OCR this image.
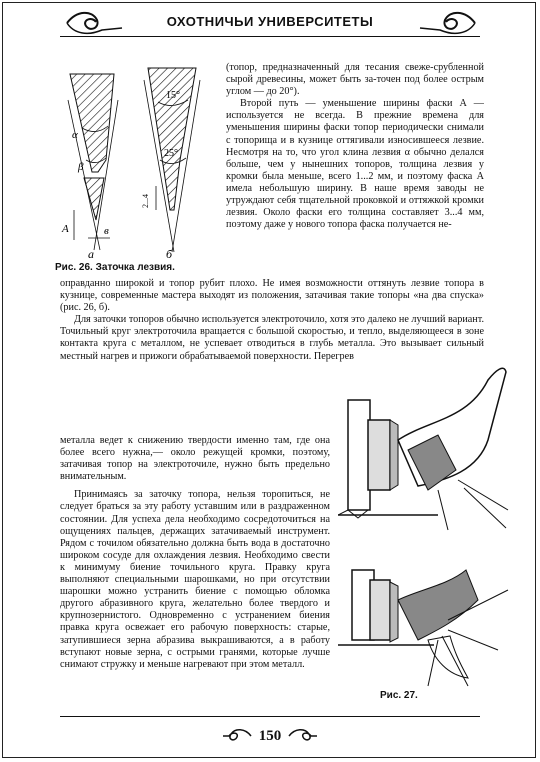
ОХОТНИЧЬИ УНИВЕРСИТЕТЫ
α
β
А	в
а
15°
25°
2...4
б
Рис. 26. Заточка лезвия.

(топор, предназначенный для тесания свеже-срубленной сырой древесины, может быть за-точен под более острым углом — до 20°).

Второй путь — уменьшение ширины фаски А — используется не всегда. В прежние времена для уменьшения ширины фаски топор периодически снимали с топорища и в кузнице оттягивали износившееся лезвие. Несмотря на то, что угол клина лезвия α обычно делался больше, чем у нынешних топоров, толщина лезвия у кромки была меньше, всего 1...2 мм, и поэтому фаска А имела небольшую ширину. В наше время заводы не утруждают себя тщательной проковкой и оттяжкой кромки лезвия. Около фаски его толщина составляет 3...4 мм, поэтому даже у нового топора фаска получается не-

оправданно широкой и топор рубит плохо. Не имея возможности оттянуть лезвие топора в кузнице, современные мастера выходят из положения, затачивая такие топоры «на два спуска» (рис. 26, б).

Для заточки топоров обычно используется электроточило, хотя это далеко не лучший вариант. Точильный круг электроточила вращается с большой скоростью, и тепло, выделяющееся в зоне контакта круга с металлом, не успевает отводиться в глубь металла. Это вызывает сильный местный нагрев и прижоги обрабатываемой поверхности. Перегрев

металла ведет к снижению твердости именно там, где она более всего нужна,— около режущей кромки, поэтому, затачивая топор на электроточиле, нужно быть предельно внимательным.

Принимаясь за заточку топора, нельзя торопиться, не следует браться за эту работу уставшим или в раздраженном состоянии. Для успеха дела необходимо сосредоточиться на ощущениях пальцев, держащих затачиваемый инструмент. Рядом с точилом обязательно должна быть вода в достаточно широком сосуде для охлаждения лезвия. Необходимо свести к минимуму биение точильного круга. Правку круга выполняют специальными шарошками, но при отсутствии шарошки можно устранить биение с помощью обломка другого абразивного круга, желательно более твердого и крупнозернистого. Одновременно с устранением биения правка круга освежает его рабочую поверхность: старые, затупившиеся зерна абразива выкрашиваются, а в работу вступают новые зерна, с острыми гранями, которые лучше снимают стружку и меньше нагревают при этом металл.

Рис. 27.
150
